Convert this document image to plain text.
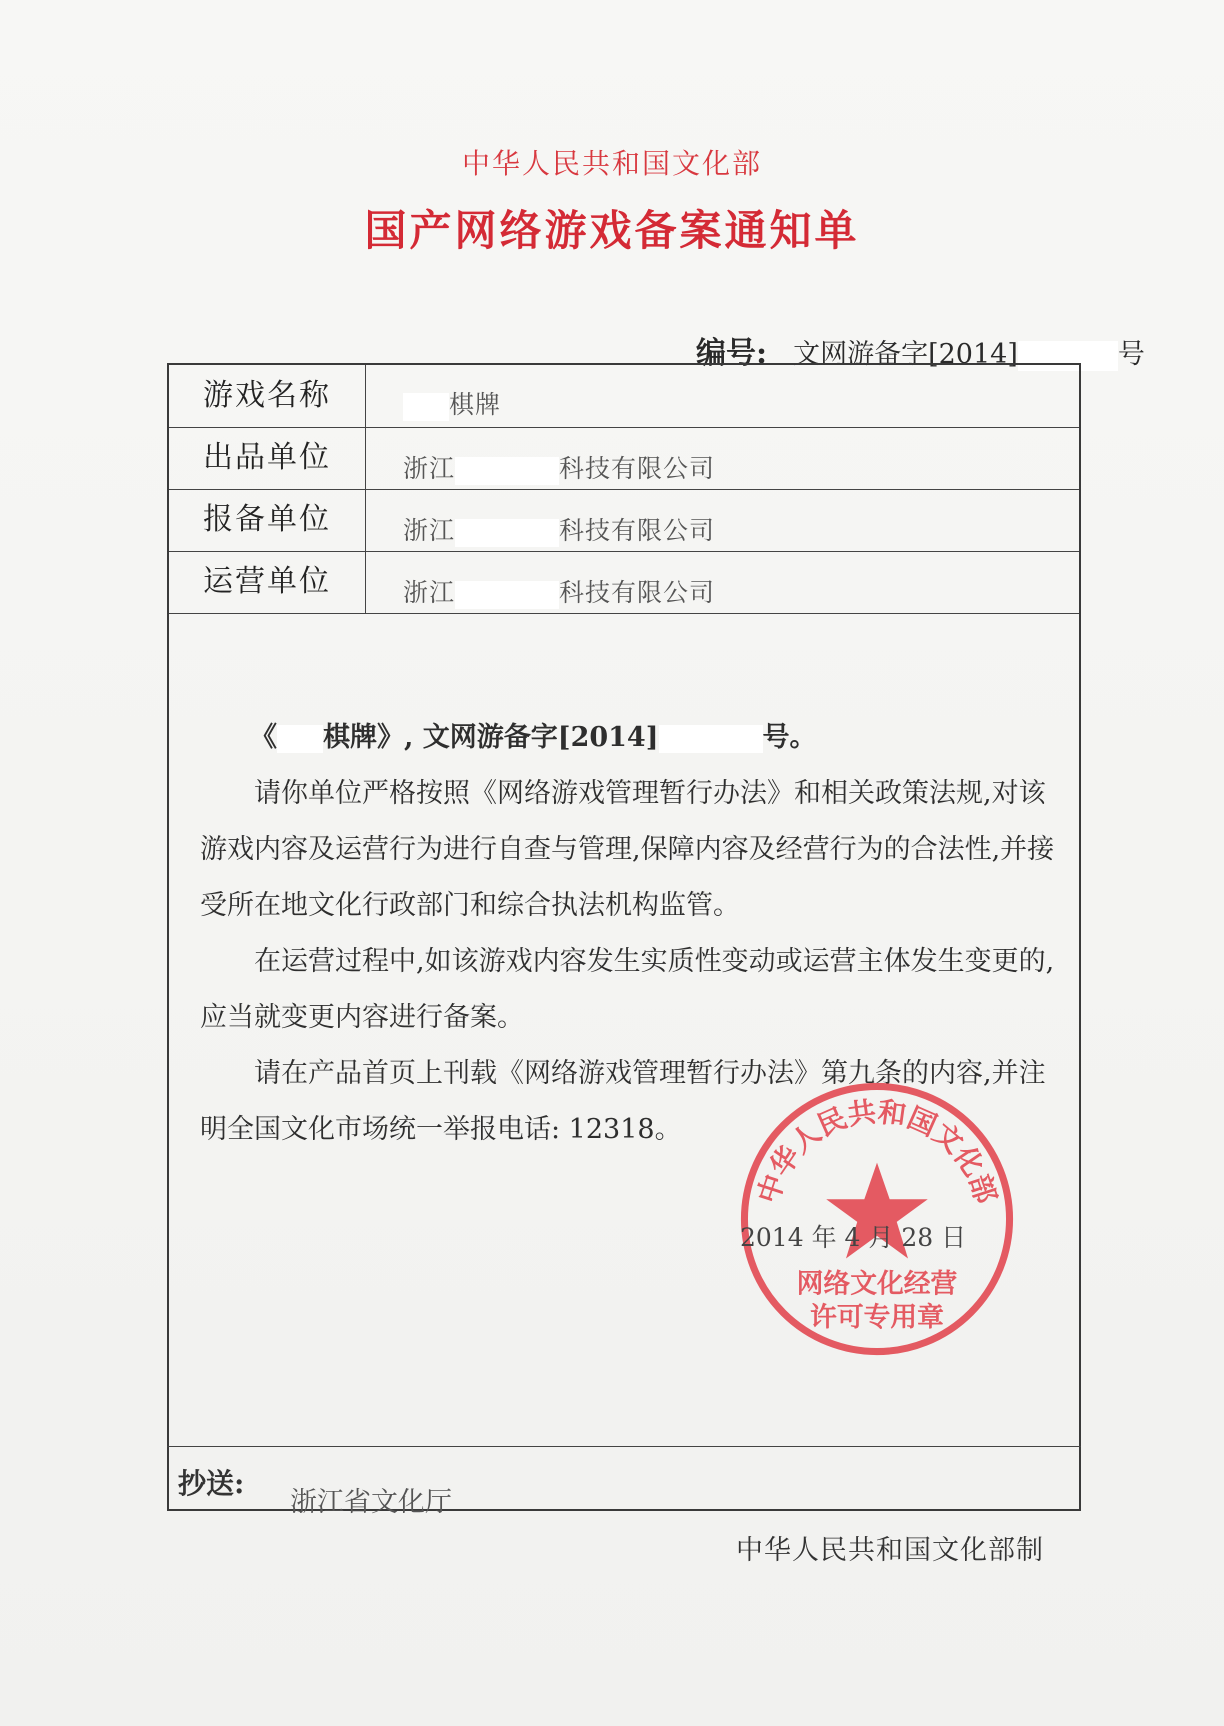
中华人民共和国文化部
国产网络游戏备案通知单
编号: 文网游备字[2014]	号
游戏名称	棋牌
出品单位	浙江	科技有限公司
报备单位	浙江	科技有限公司
运营单位	浙江	科技有限公司
《 棋牌》, 文网游备字[2014]	号。

请你单位严格按照《网络游戏管理暂行办法》和相关政策法规,对该游戏内容及运营行为进行自查与管理,保障内容及经营行为的合法性,并接受所在地文化行政部门和综合执法机构监管。

在运营过程中,如该游戏内容发生实质性变动或运营主体发生变更的,应当就变更内容进行备案。

请在产品首页上刊载《网络游戏管理暂行办法》第九条的内容,并注明全国文化市场统一举报电话: 12318。

中华人民共和国文化部
网络文化经营
许可专用章
2014 年 4 月 28 日
抄送:
浙江省文化厅
中华人民共和国文化部制
